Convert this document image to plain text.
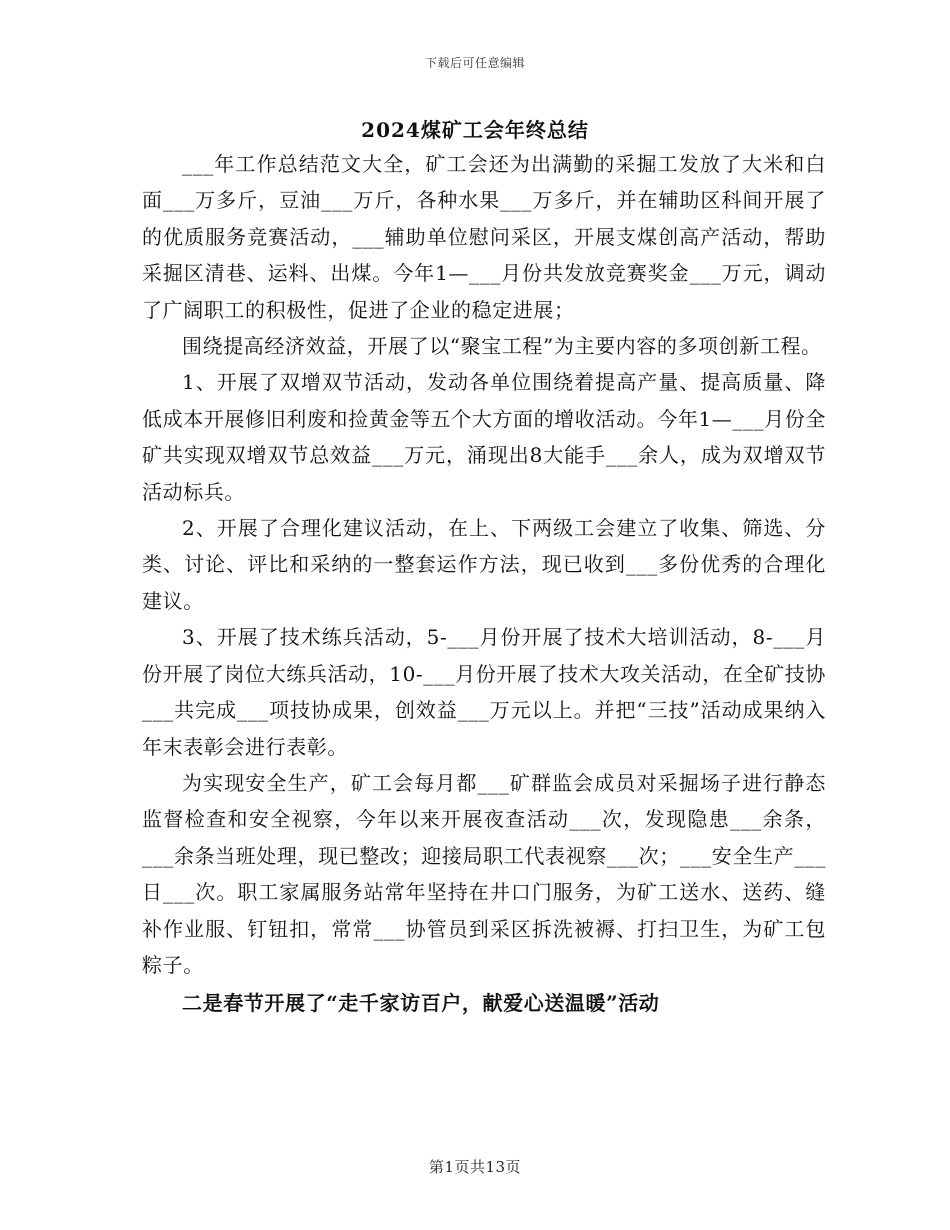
下载后可任意编辑
2024煤矿工会年终总结

___年工作总结范文大全，矿工会还为出满勤的采掘工发放了大米和白面___万多斤，豆油___万斤，各种水果___万多斤，并在辅助区科间开展了的优质服务竞赛活动，___辅助单位慰问采区，开展支煤创高产活动，帮助采掘区清巷、运料、出煤。今年1—___月份共发放竞赛奖金___万元，调动了广阔职工的积极性，促进了企业的稳定进展；

围绕提高经济效益，开展了以“聚宝工程”为主要内容的多项创新工程。

1、开展了双增双节活动，发动各单位围绕着提高产量、提高质量、降低成本开展修旧利废和捡黄金等五个大方面的增收活动。今年1—___月份全矿共实现双增双节总效益___万元，涌现出8大能手___余人，成为双增双节活动标兵。

2、开展了合理化建议活动，在上、下两级工会建立了收集、筛选、分类、讨论、评比和采纳的一整套运作方法，现已收到___多份优秀的合理化建议。

3、开展了技术练兵活动，5-___月份开展了技术大培训活动，8-___月份开展了岗位大练兵活动，10-___月份开展了技术大攻关活动，在全矿技协___共完成___项技协成果，创效益___万元以上。并把“三技”活动成果纳入年末表彰会进行表彰。

为实现安全生产，矿工会每月都___矿群监会成员对采掘场子进行静态监督检查和安全视察，今年以来开展夜查活动___次，发现隐患___余条，___余条当班处理，现已整改；迎接局职工代表视察___次；___安全生产___日___次。职工家属服务站常年坚持在井口门服务，为矿工送水、送药、缝补作业服、钉钮扣，常常___协管员到采区拆洗被褥、打扫卫生，为矿工包粽子。

二是春节开展了“走千家访百户，献爱心送温暖”活动

第1页共13页
